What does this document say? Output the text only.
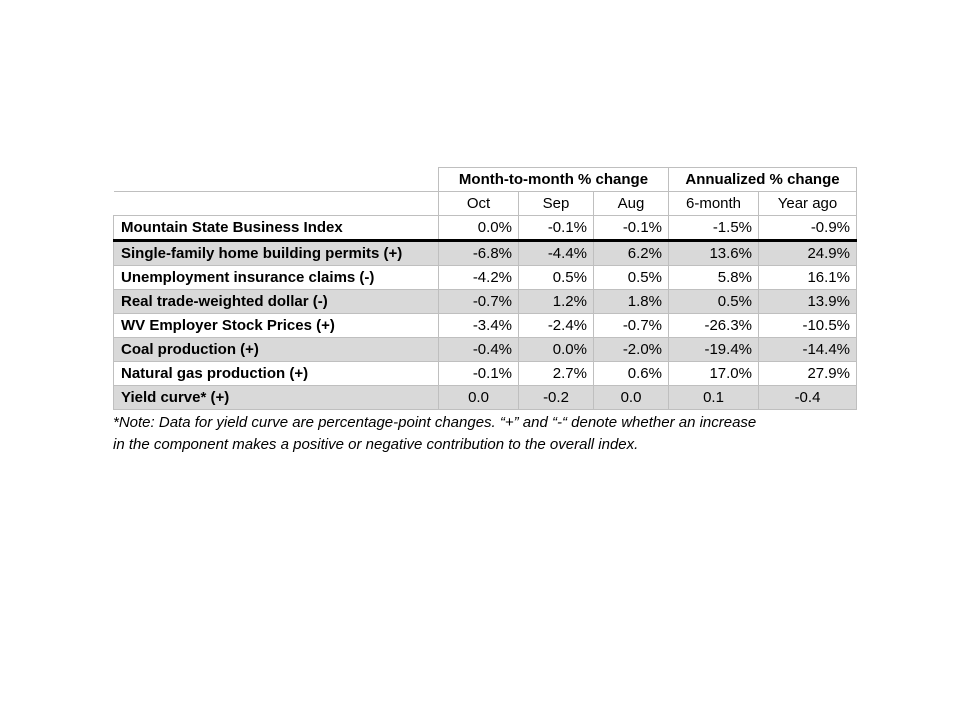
	Month-to-month % change			Annualized % change	
	Oct	Sep	Aug	6-month	Year ago
Mountain State Business Index	0.0%	-0.1%	-0.1%	-1.5%	-0.9%
Single-family home building permits (+)	-6.8%	-4.4%	6.2%	13.6%	24.9%
Unemployment insurance claims (-)	-4.2%	0.5%	0.5%	5.8%	16.1%
Real trade-weighted dollar (-)	-0.7%	1.2%	1.8%	0.5%	13.9%
WV Employer Stock Prices (+)	-3.4%	-2.4%	-0.7%	-26.3%	-10.5%
Coal production (+)	-0.4%	0.0%	-2.0%	-19.4%	-14.4%
Natural gas production (+)	-0.1%	2.7%	0.6%	17.0%	27.9%
Yield curve* (+)	0.0	-0.2	0.0	0.1	-0.4

*Note: Data for yield curve are percentage-point changes. “+” and “-“ denote whether an increase
in the component makes a positive or negative contribution to the overall index.
